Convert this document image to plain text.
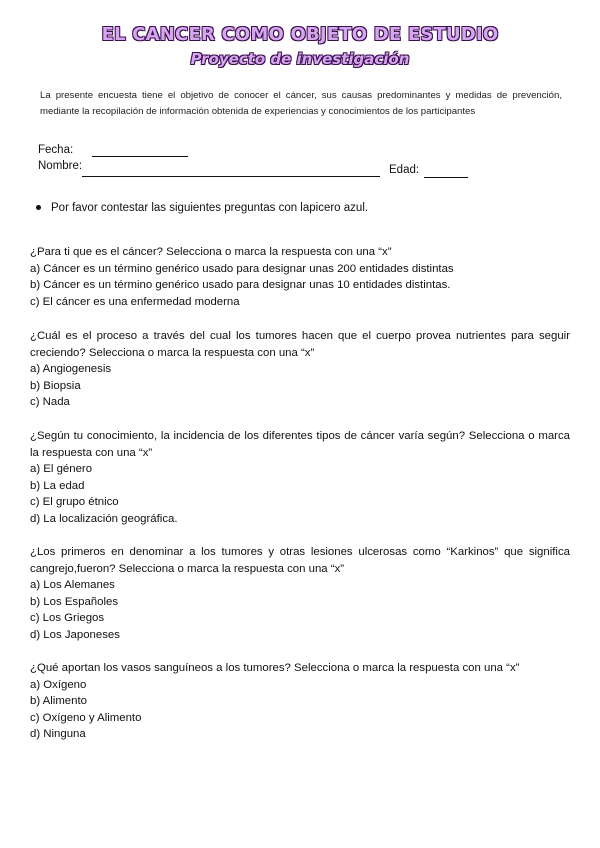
EL CANCER COMO OBJETO DE ESTUDIO
Proyecto de investigación
La presente encuesta tiene el objetivo de conocer el cáncer, sus causas predominantes y medidas de prevención, mediante la recopilación de información obtenida de experiencias y conocimientos de los participantes
Fecha:
Nombre:	Edad:
Por favor contestar las siguientes preguntas con lapicero azul.

¿Para ti que es el cáncer? Selecciona o marca la respuesta con una “x”

a) Cáncer es un término genérico usado para designar unas 200 entidades distintas

b) Cáncer es un término genérico usado para designar unas 10 entidades distintas.

c) El cáncer es una enfermedad moderna

¿Cuál es el proceso a través del cual los tumores hacen que el cuerpo provea nutrientes para seguir creciendo? Selecciona o marca la respuesta con una “x”

a) Angiogenesis

b) Biopsia

c) Nada

¿Según tu conocimiento, la incidencia de los diferentes tipos de cáncer varía según? Selecciona o marca la respuesta con una “x”

a) El género

b) La edad

c) El grupo étnico

d) La localización geográfica.

¿Los primeros en denominar a los tumores y otras lesiones ulcerosas como “Karkinos” que significa cangrejo,fueron? Selecciona o marca la respuesta con una “x”

a) Los Alemanes

b) Los Españoles

c) Los Griegos

d) Los Japoneses

¿Qué aportan los vasos sanguíneos a los tumores? Selecciona o marca la respuesta con una “x”

a) Oxígeno

b) Alimento

c) Oxígeno y Alimento

d) Ninguna
